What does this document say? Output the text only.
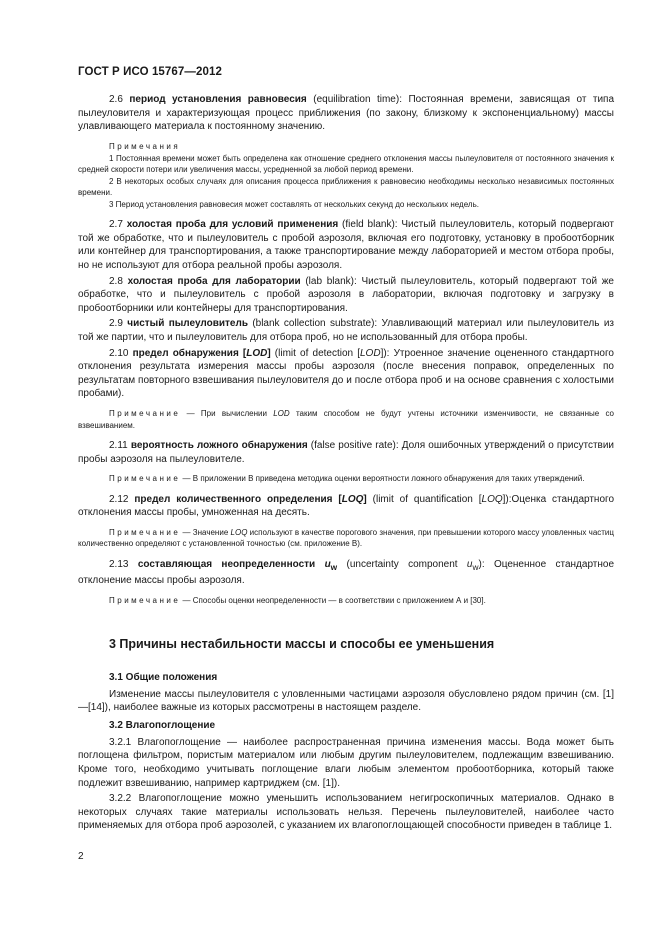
ГОСТ Р ИСО 15767—2012

2.6 период установления равновесия (equilibration time): Постоянная времени, зависящая от типа пылеуловителя и характеризующая процесс приближения (по закону, близкому к экспоненциальному) массы улавливающего материала к постоянному значению.

Примечания

1 Постоянная времени может быть определена как отношение среднего отклонения массы пылеуловителя от постоянного значения к средней скорости потери или увеличения массы, усредненной за любой период времени.

2 В некоторых особых случаях для описания процесса приближения к равновесию необходимы несколько независимых постоянных времени.

3 Период установления равновесия может составлять от нескольких секунд до нескольких недель.

2.7 холостая проба для условий применения (field blank): Чистый пылеуловитель, который подвергают той же обработке, что и пылеуловитель с пробой аэрозоля, включая его подготовку, установку в пробоотборник или контейнер для транспортирования, а также транспортирование между лабораторией и местом отбора пробы, но не используют для отбора реальной пробы аэрозоля.

2.8 холостая проба для лаборатории (lab blank): Чистый пылеуловитель, который подвергают той же обработке, что и пылеуловитель с пробой аэрозоля в лаборатории, включая подготовку и загрузку в пробоотборники или контейнеры для транспортирования.

2.9 чистый пылеуловитель (blank collection substrate): Улавливающий материал или пылеуловитель из той же партии, что и пылеуловитель для отбора проб, но не использованный для отбора пробы.

2.10 предел обнаружения [LOD] (limit of detection [LOD]): Утроенное значение оцененного стандартного отклонения результата измерения массы пробы аэрозоля (после внесения поправок, определенных по результатам повторного взвешивания пылеуловителя до и после отбора проб и на основе сравнения с холостыми пробами).

Примечание — При вычислении LOD таким способом не будут учтены источники изменчивости, не связанные со взвешиванием.

2.11 вероятность ложного обнаружения (false positive rate): Доля ошибочных утверждений о присутствии пробы аэрозоля на пылеуловителе.

Примечание — В приложении В приведена методика оценки вероятности ложного обнаружения для таких утверждений.

2.12 предел количественного определения [LOQ] (limit of quantification [LOQ]):Оценка стандартного отклонения массы пробы, умноженная на десять.

Примечание — Значение LOQ используют в качестве порогового значения, при превышении которого массу уловленных частиц количественно определяют с установленной точностью (см. приложение В).

2.13 составляющая неопределенности $u_w$ (uncertainty component $u_w$): Оцененное стандартное отклонение массы пробы аэрозоля.

Примечание — Способы оценки неопределенности — в соответствии с приложением А и [30].

3 Причины нестабильности массы и способы ее уменьшения

3.1 Общие положения

Изменение массы пылеуловителя с уловленными частицами аэрозоля обусловлено рядом причин (см. [1]—[14]), наиболее важные из которых рассмотрены в настоящем разделе.

3.2 Влагопоглощение

3.2.1 Влагопоглощение — наиболее распространенная причина изменения массы. Вода может быть поглощена фильтром, пористым материалом или любым другим пылеуловителем, подлежащим взвешиванию. Кроме того, необходимо учитывать поглощение влаги любым элементом пробоотборника, который также подлежит взвешиванию, например картриджем (см. [1]).

3.2.2 Влагопоглощение можно уменьшить использованием негигроскопичных материалов. Однако в некоторых случаях такие материалы использовать нельзя. Перечень пылеуловителей, наиболее часто применяемых для отбора проб аэрозолей, с указанием их влагопоглощающей способности приведен в таблице 1.

2
